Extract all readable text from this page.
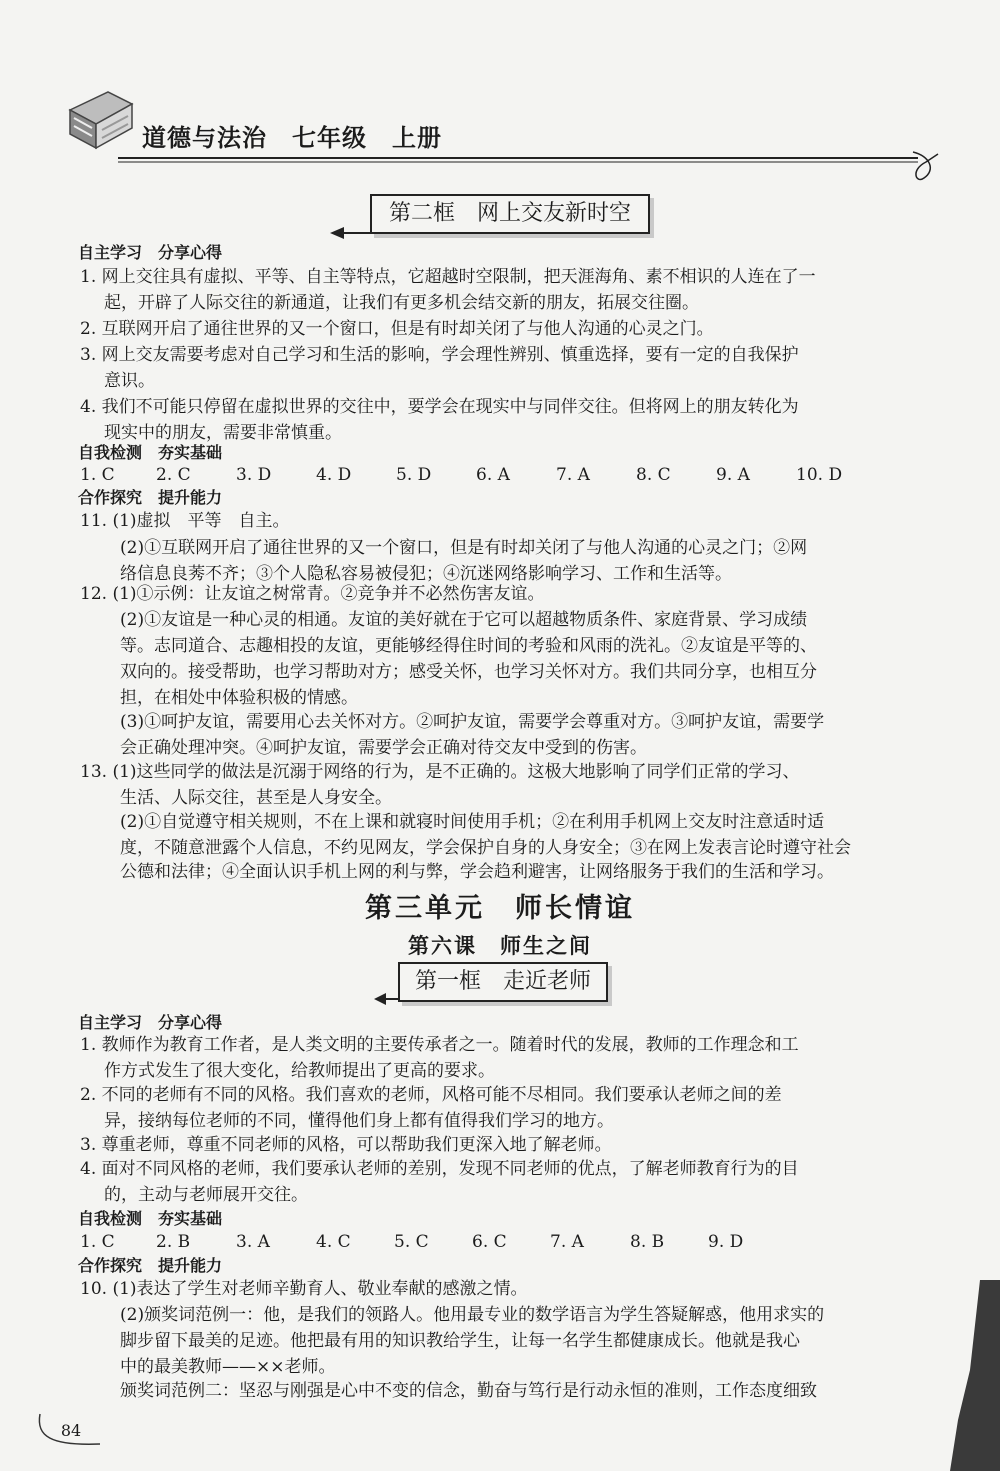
道德与法治　七年级　上册
第二框　网上交友新时空
自主学习　分享心得
1. 网上交往具有虚拟、平等、自主等特点，它超越时空限制，把天涯海角、素不相识的人连在了一
起，开辟了人际交往的新通道，让我们有更多机会结交新的朋友，拓展交往圈。
2. 互联网开启了通往世界的又一个窗口，但是有时却关闭了与他人沟通的心灵之门。
3. 网上交友需要考虑对自己学习和生活的影响，学会理性辨别、慎重选择，要有一定的自我保护
意识。
4. 我们不可能只停留在虚拟世界的交往中，要学会在现实中与同伴交往。但将网上的朋友转化为
现实中的朋友，需要非常慎重。
自我检测　夯实基础
1. C 2. C	3. D	4. D	5. D	6. A	7. A	8. C	9. A	10. D
合作探究　提升能力
11. (1)虚拟　平等　自主。
(2)①互联网开启了通往世界的又一个窗口，但是有时却关闭了与他人沟通的心灵之门；②网
络信息良莠不齐；③个人隐私容易被侵犯；④沉迷网络影响学习、工作和生活等。
12. (1)①示例：让友谊之树常青。②竞争并不必然伤害友谊。
(2)①友谊是一种心灵的相通。友谊的美好就在于它可以超越物质条件、家庭背景、学习成绩
等。志同道合、志趣相投的友谊，更能够经得住时间的考验和风雨的洗礼。②友谊是平等的、
双向的。接受帮助，也学习帮助对方；感受关怀，也学习关怀对方。我们共同分享，也相互分
担，在相处中体验积极的情感。
(3)①呵护友谊，需要用心去关怀对方。②呵护友谊，需要学会尊重对方。③呵护友谊，需要学
会正确处理冲突。④呵护友谊，需要学会正确对待交友中受到的伤害。
13. (1)这些同学的做法是沉溺于网络的行为，是不正确的。这极大地影响了同学们正常的学习、
生活、人际交往，甚至是人身安全。
(2)①自觉遵守相关规则，不在上课和就寝时间使用手机；②在利用手机网上交友时注意适时适
度，不随意泄露个人信息，不约见网友，学会保护自身的人身安全；③在网上发表言论时遵守社会
公德和法律；④全面认识手机上网的利与弊，学会趋利避害，让网络服务于我们的生活和学习。
第三单元　师长情谊
第六课　师生之间
第一框　走近老师
自主学习　分享心得
1. 教师作为教育工作者，是人类文明的主要传承者之一。随着时代的发展，教师的工作理念和工
作方式发生了很大变化，给教师提出了更高的要求。
2. 不同的老师有不同的风格。我们喜欢的老师，风格可能不尽相同。我们要承认老师之间的差
异，接纳每位老师的不同，懂得他们身上都有值得我们学习的地方。
3. 尊重老师，尊重不同老师的风格，可以帮助我们更深入地了解老师。
4. 面对不同风格的老师，我们要承认老师的差别，发现不同老师的优点，了解老师教育行为的目
的，主动与老师展开交往。
自我检测　夯实基础
1. C 2. B	3. A	4. C	5. C	6. C	7. A	8. B	9. D
合作探究　提升能力
10. (1)表达了学生对老师辛勤育人、敬业奉献的感激之情。
(2)颁奖词范例一：他，是我们的领路人。他用最专业的数学语言为学生答疑解惑，他用求实的
脚步留下最美的足迹。他把最有用的知识教给学生，让每一名学生都健康成长。他就是我心
中的最美教师——××老师。
颁奖词范例二：坚忍与刚强是心中不变的信念，勤奋与笃行是行动永恒的准则，工作态度细致
84
